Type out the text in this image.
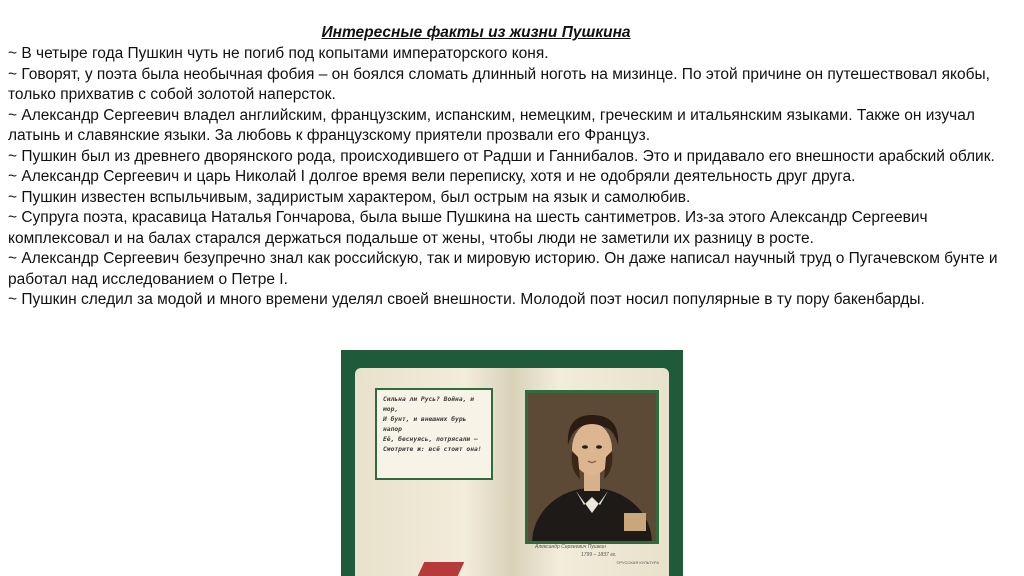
Интересные факты из жизни Пушкина

~ В четыре года Пушкин чуть не погиб под копытами императорского коня.

~ Говорят, у поэта была необычная фобия – он боялся сломать длинный ноготь на мизинце. По этой причине он путешествовал якобы, только прихватив с собой золотой наперсток.

~ Александр Сергеевич владел английским, французским, испанским, немецким, греческим и итальянским языками. Также он изучал латынь и славянские языки. За любовь к французскому приятели прозвали его Француз.

~ Пушкин был из древнего дворянского рода, происходившего от Радши и Ганнибалов. Это и придавало его внешности арабский облик.

~ Александр Сергеевич и царь Николай I долгое время вели переписку, хотя и не одобряли деятельность друг друга.

~ Пушкин известен вспыльчивым, задиристым характером, был острым на язык и самолюбив.

~ Супруга поэта, красавица Наталья Гончарова, была выше Пушкина на шесть сантиметров. Из-за этого Александр Сергеевич комплексовал и на балах старался держаться подальше от жены, чтобы люди не заметили их разницу в росте.

~ Александр Сергеевич безупречно знал как российскую, так и мировую историю. Он даже написал научный труд о Пугачевском бунте и работал над исследованием о Петре I.

~ Пушкин следил за модой и много времени уделял своей внешности. Молодой поэт носил популярные в ту пору бакенбарды.

Сильна ли Русь? Война, и мор,
И бунт, и внешних бурь напор
Её, беснуясь, потрясали —
Смотрите ж: всё стоит она!
Александр Сергеевич Пушкин
1799 – 1837 гг.
©РУССКАЯ КУЛЬТУРА
